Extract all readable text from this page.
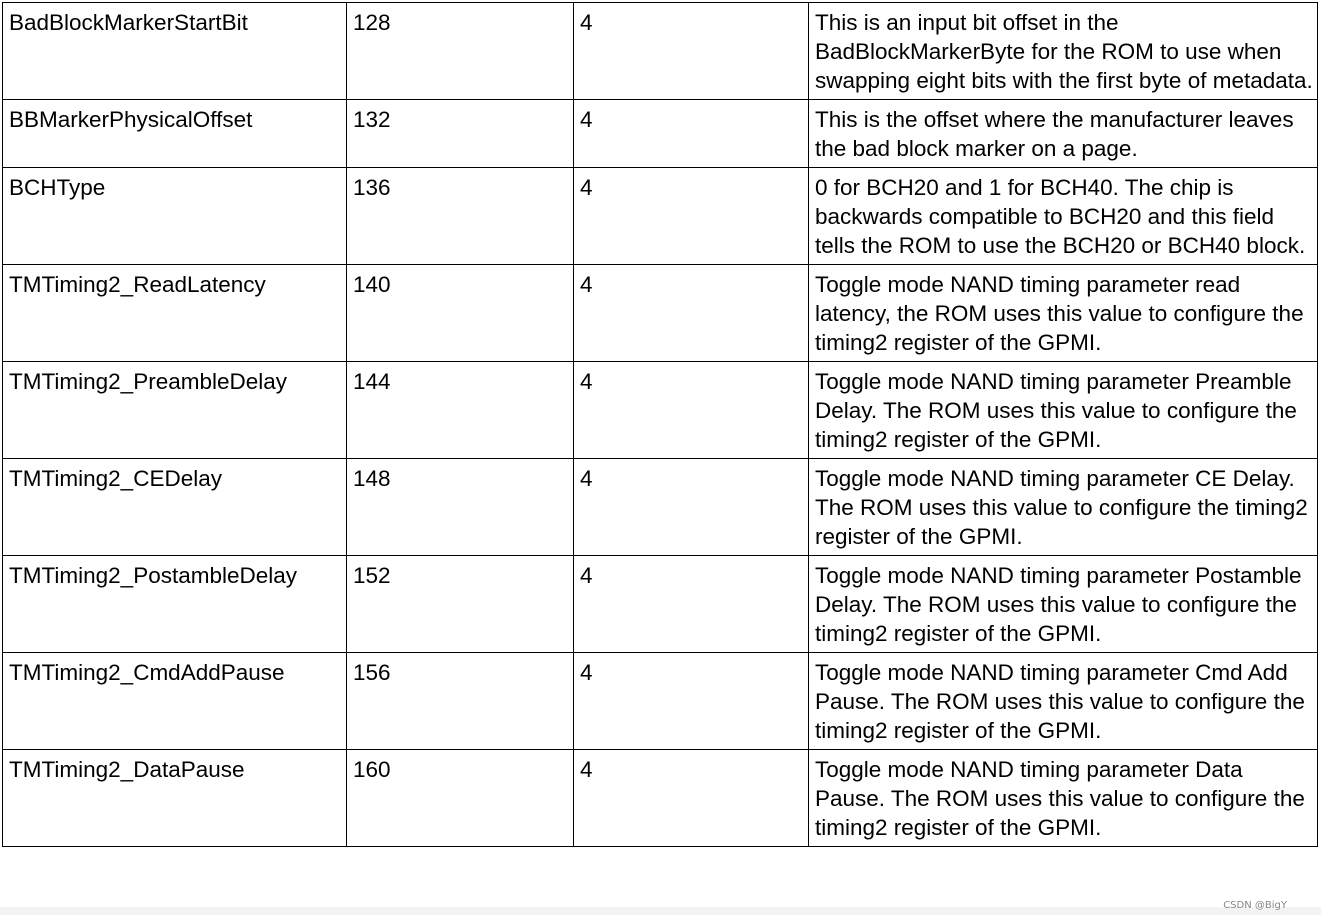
BadBlockMarkerStartBit	128	4	This is an input bit offset in the BadBlockMarkerByte for the ROM to use when swapping eight bits with the first byte of metadata.
BBMarkerPhysicalOffset	132	4	This is the offset where the manufacturer leaves the bad block marker on a page.
BCHType	136	4	0 for BCH20 and 1 for BCH40. The chip is backwards compatible to BCH20 and this field tells the ROM to use the BCH20 or BCH40 block.
TMTiming2_ReadLatency	140	4	Toggle mode NAND timing parameter read latency, the ROM uses this value to configure the timing2 register of the GPMI.
TMTiming2_PreambleDelay	144	4	Toggle mode NAND timing parameter Preamble Delay. The ROM uses this value to configure the timing2 register of the GPMI.
TMTiming2_CEDelay	148	4	Toggle mode NAND timing parameter CE Delay. The ROM uses this value to configure the timing2 register of the GPMI.
TMTiming2_PostambleDelay	152	4	Toggle mode NAND timing parameter Postamble Delay. The ROM uses this value to configure the timing2 register of the GPMI.
TMTiming2_CmdAddPause	156	4	Toggle mode NAND timing parameter Cmd Add Pause. The ROM uses this value to configure the timing2 register of the GPMI.
TMTiming2_DataPause	160	4	Toggle mode NAND timing parameter Data Pause. The ROM uses this value to configure the timing2 register of the GPMI.
CSDN @BigY
